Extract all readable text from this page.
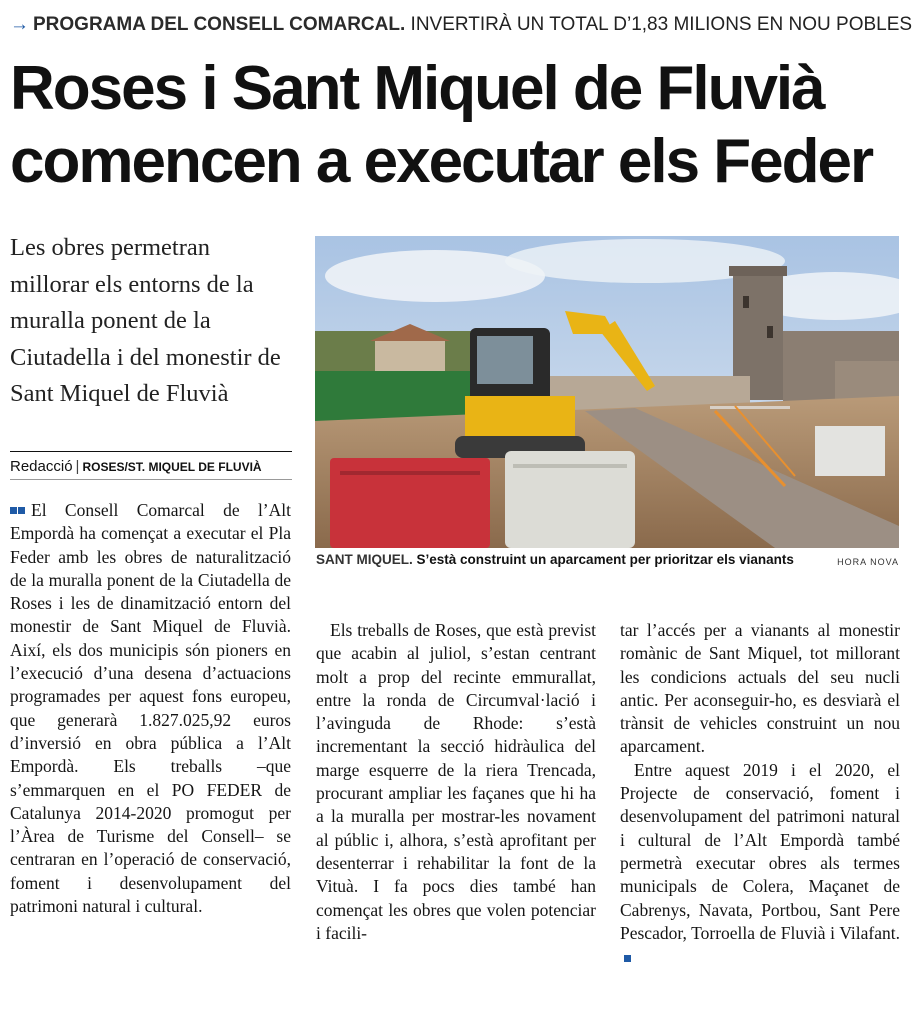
→ PROGRAMA DEL CONSELL COMARCAL. INVERTIRÀ UN TOTAL D’1,83 MILIONS EN NOU POBLES
Roses i Sant Miquel de Fluvià comencen a executar els Feder
Les obres permetran millorar els entorns de la muralla ponent de la Ciutadella i del monestir de Sant Miquel de Fluvià
Redacció | ROSES/ST. MIQUEL DE FLUVIÀ
SANT MIQUEL. S’està construint un aparcament per prioritzar els vianants	HORA NOVA
El Consell Comarcal de l’Alt Empordà ha començat a executar el Pla Feder amb les obres de naturalització de la muralla ponent de la Ciutadella de Roses i les de dinamització entorn del monestir de Sant Miquel de Fluvià. Així, els dos municipis són pioners en l’execució d’una desena d’actuacions programades per aquest fons europeu, que generarà 1.827.025,92 euros d’inversió en obra pública a l’Alt Empordà. Els treballs –que s’emmarquen en el PO FEDER de Catalunya 2014-2020 promogut per l’Àrea de Turisme del Consell– se centraran en l’operació de conservació, foment i desenvolupament del patrimoni natural i cultural.
Els treballs de Roses, que està previst que acabin al juliol, s’estan centrant molt a prop del recinte emmurallat, entre la ronda de Circumval·lació i l’avinguda de Rhode: s’està incrementant la secció hidràulica del marge esquerre de la riera Trencada, procurant ampliar les façanes que hi ha a la muralla per mostrar-les novament al públic i, alhora, s’està aprofitant per desenterrar i rehabilitar la font de la Vituà. I fa pocs dies també han començat les obres que volen potenciar i facili-
tar l’accés per a vianants al monestir romànic de Sant Miquel, tot millorant les condicions actuals del seu nucli antic. Per aconseguir-ho, es desviarà el trànsit de vehicles construint un nou aparcament.
Entre aquest 2019 i el 2020, el Projecte de conservació, foment i desenvolupament del patrimoni natural i cultural de l’Alt Empordà també permetrà executar obres als termes municipals de Colera, Maçanet de Cabrenys, Navata, Portbou, Sant Pere Pescador, Torroella de Fluvià i Vilafant.
